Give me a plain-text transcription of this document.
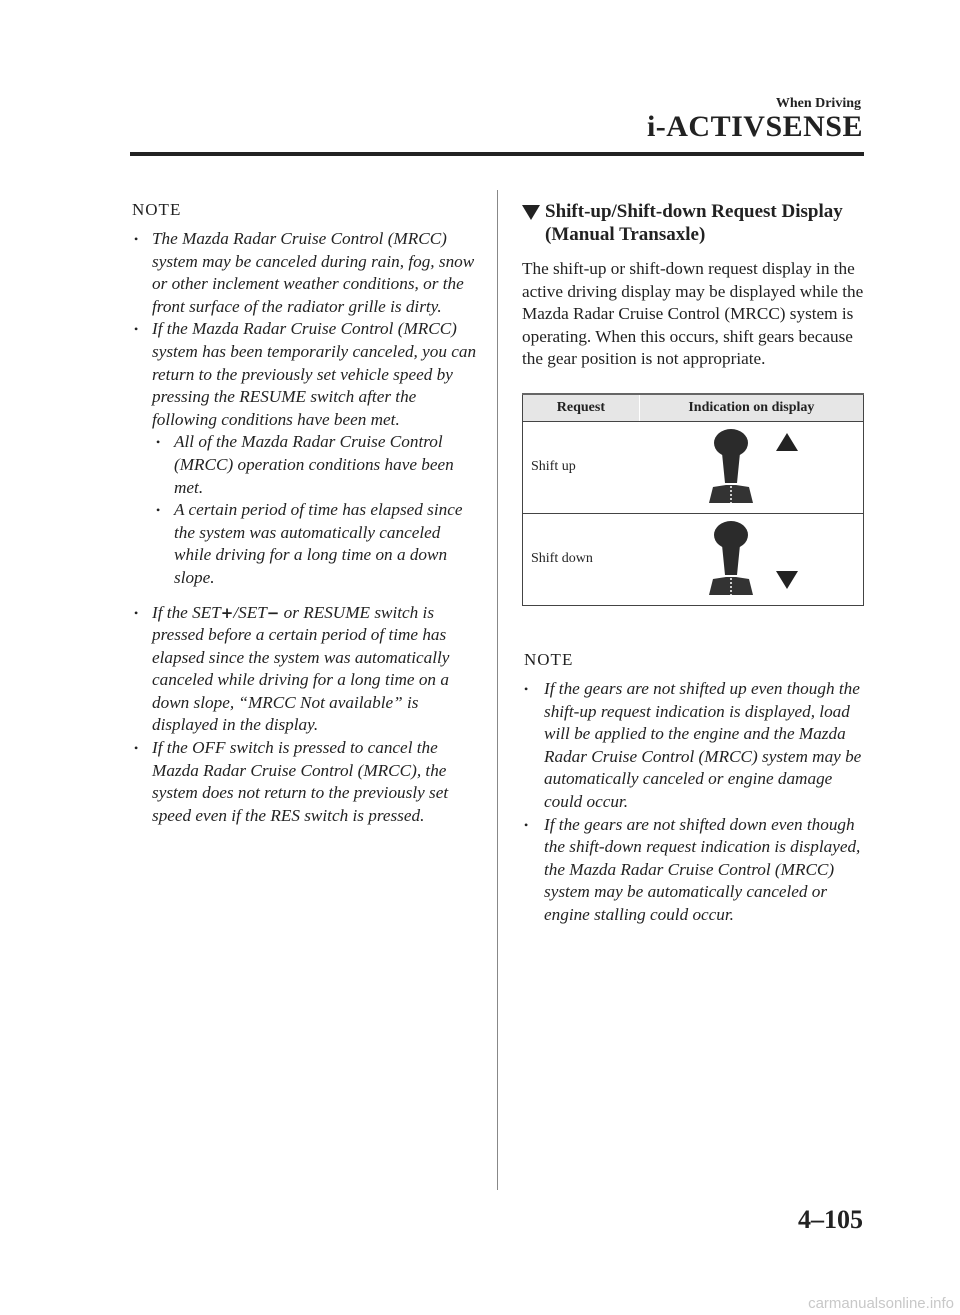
When Driving
i-ACTIVSENSE
NOTE
• The Mazda Radar Cruise Control (MRCC) system may be canceled during rain, fog, snow or other inclement weather conditions, or the front surface of the radiator grille is dirty.
• If the Mazda Radar Cruise Control (MRCC) system has been temporarily canceled, you can return to the previously set vehicle speed by pressing the RESUME switch after the following conditions have been met.
• All of the Mazda Radar Cruise Control (MRCC) operation conditions have been met.
• A certain period of time has elapsed since the system was automatically canceled while driving for a long time on a down slope.
• If the SET+/SET− or RESUME switch is pressed before a certain period of time has elapsed since the system was automatically canceled while driving for a long time on a down slope, “MRCC Not available” is displayed in the display.
• If the OFF switch is pressed to cancel the Mazda Radar Cruise Control (MRCC), the system does not return to the previously set speed even if the RES switch is pressed.
Shift-up/Shift-down Request Display (Manual Transaxle)

The shift-up or shift-down request display in the active driving display may be displayed while the Mazda Radar Cruise Control (MRCC) system is operating. When this occurs, shift gears because the gear position is not appropriate.

Request	Indication on display
Shift up	
Shift down	
NOTE
• If the gears are not shifted up even though the shift-up request indication is displayed, load will be applied to the engine and the Mazda Radar Cruise Control (MRCC) system may be automatically canceled or engine damage could occur.
• If the gears are not shifted down even though the shift-down request indication is displayed, the Mazda Radar Cruise Control (MRCC) system may be automatically canceled or engine stalling could occur.
4–105
carmanualsonline.info
